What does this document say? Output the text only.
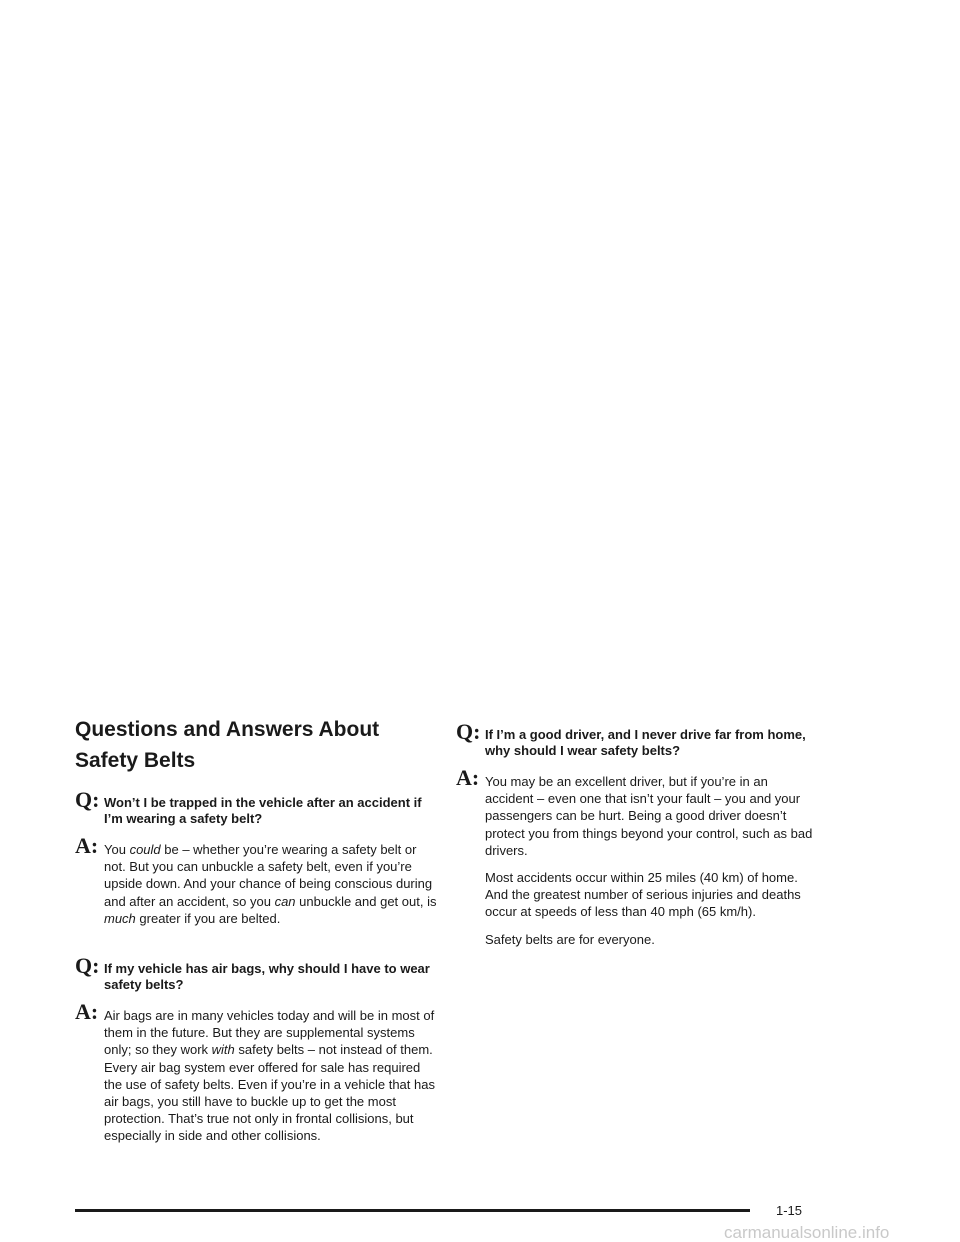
Questions and Answers About Safety Belts
Q: Won’t I be trapped in the vehicle after an accident if I’m wearing a safety belt?

A: You could be – whether you’re wearing a safety belt or not. But you can unbuckle a safety belt, even if you’re upside down. And your chance of being conscious during and after an accident, so you can unbuckle and get out, is much greater if you are belted.

Q: If my vehicle has air bags, why should I have to wear safety belts?

A: Air bags are in many vehicles today and will be in most of them in the future. But they are supplemental systems only; so they work with safety belts – not instead of them. Every air bag system ever offered for sale has required the use of safety belts. Even if you’re in a vehicle that has air bags, you still have to buckle up to get the most protection. That’s true not only in frontal collisions, but especially in side and other collisions.

Q: If I’m a good driver, and I never drive far from home, why should I wear safety belts?

A: You may be an excellent driver, but if you’re in an accident – even one that isn’t your fault – you and your passengers can be hurt. Being a good driver doesn’t protect you from things beyond your control, such as bad drivers.

Most accidents occur within 25 miles (40 km) of home. And the greatest number of serious injuries and deaths occur at speeds of less than 40 mph (65 km/h).

Safety belts are for everyone.

1-15
carmanualsonline.info
